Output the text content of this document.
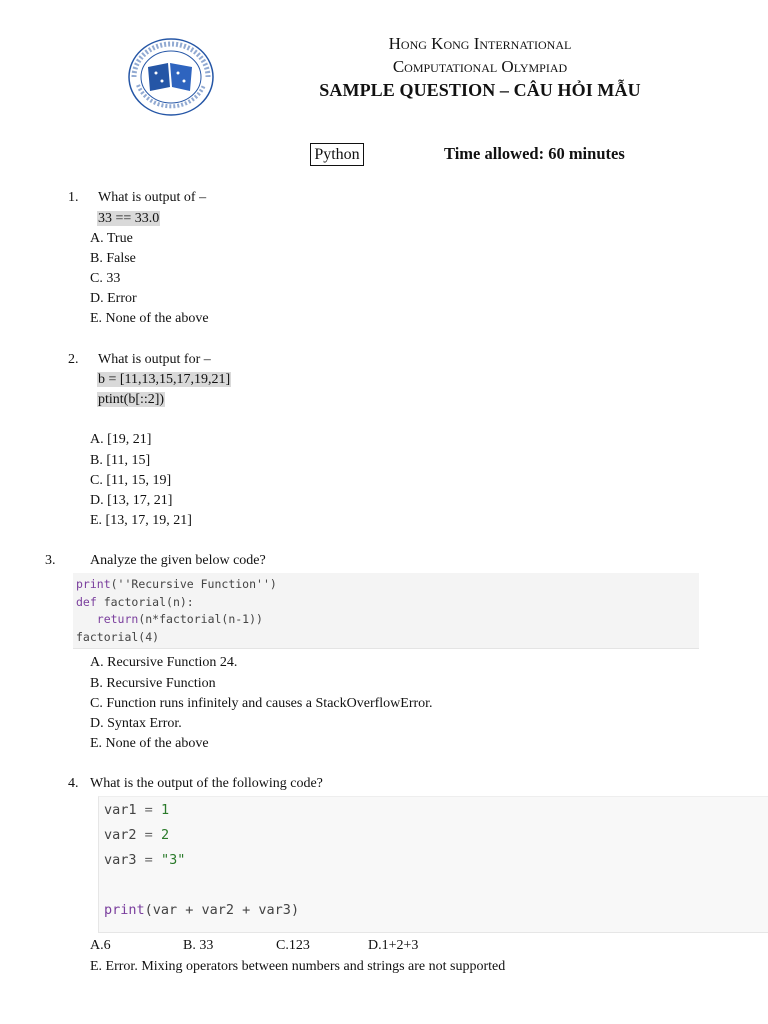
Hong Kong International
Computational Olympiad
SAMPLE QUESTION – CÂU HỎI MẪU
Python	Time allowed: 60 minutes
1. What is output of –
33 == 33.0
A. True
B. False
C. 33
D. Error
E. None of the above
2. What is output for –
b = [11,13,15,17,19,21]
ptint(b[::2])
A. [19, 21]
B. [11, 15]
C. [11, 15, 19]
D. [13, 17, 21]
E. [13, 17, 19, 21]
3. Analyze the given below code?
print(''Recursive Function'')
def factorial(n):
return(n*factorial(n-1))
factorial(4)
A. Recursive Function 24.
B. Recursive Function
C. Function runs infinitely and causes a StackOverflowError.
D. Syntax Error.
E. None of the above
4. What is the output of the following code?
var1 = 1
var2 = 2
var3 = "3"
print(var + var2 + var3)
A.6	B. 33	C.123	D.1+2+3
E. Error. Mixing operators between numbers and strings are not supported
